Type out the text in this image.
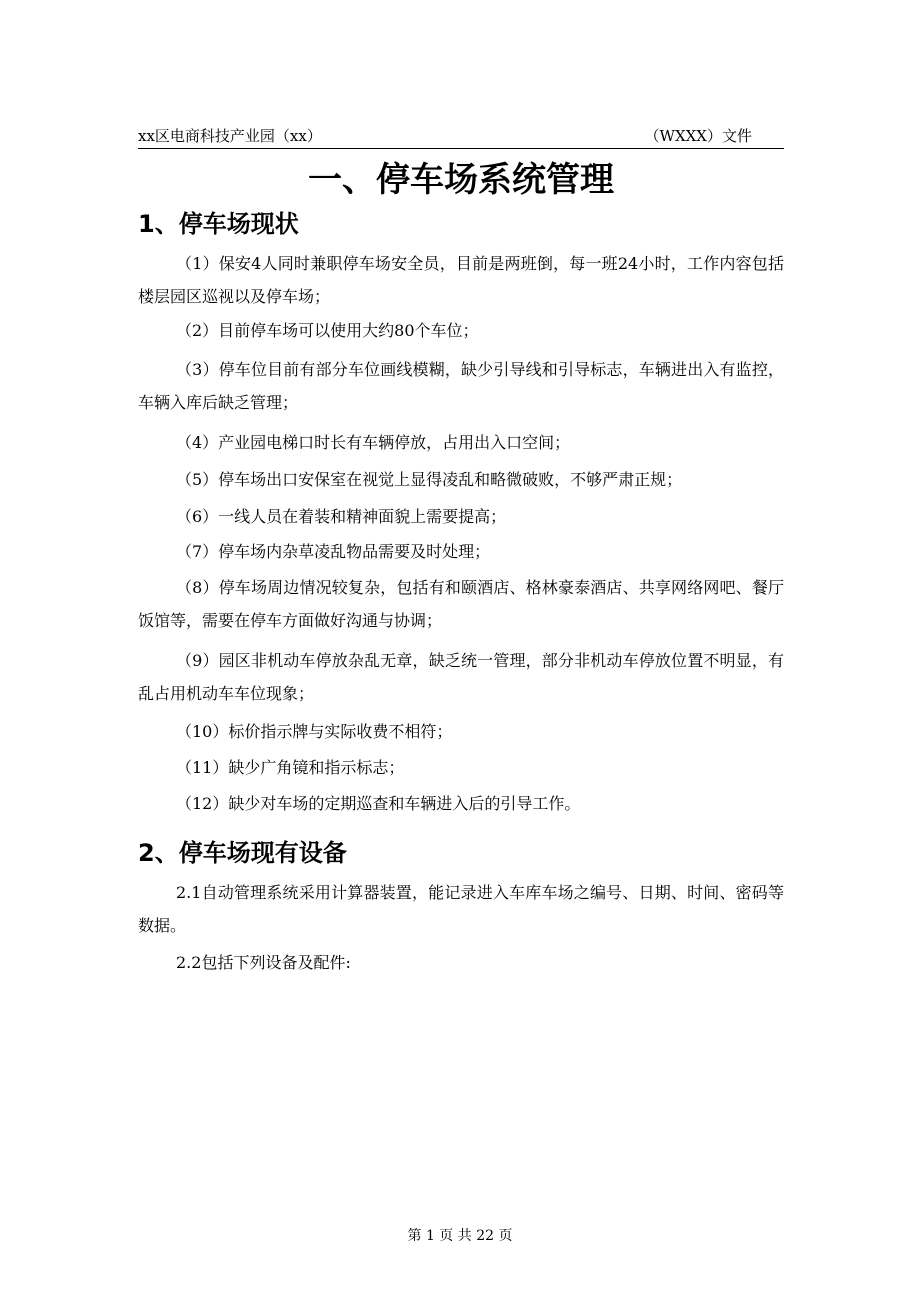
xx区电商科技产业园（xx）	（WXXX）文件
一、停车场系统管理
1、停车场现状
（1）保安4人同时兼职停车场安全员，目前是两班倒，每一班24小时，工作内容包括楼层园区巡视以及停车场；
（2）目前停车场可以使用大约80个车位；
（3）停车位目前有部分车位画线模糊，缺少引导线和引导标志，车辆进出入有监控，车辆入库后缺乏管理；
（4）产业园电梯口时长有车辆停放，占用出入口空间；
（5）停车场出口安保室在视觉上显得凌乱和略微破败，不够严肃正规；
（6）一线人员在着装和精神面貌上需要提高；
（7）停车场内杂草凌乱物品需要及时处理；
（8）停车场周边情况较复杂，包括有和颐酒店、格林豪泰酒店、共享网络网吧、餐厅饭馆等，需要在停车方面做好沟通与协调；
（9）园区非机动车停放杂乱无章，缺乏统一管理，部分非机动车停放位置不明显，有乱占用机动车车位现象；
（10）标价指示牌与实际收费不相符；
（11）缺少广角镜和指示标志；
（12）缺少对车场的定期巡查和车辆进入后的引导工作。
2、停车场现有设备
2.1自动管理系统采用计算器装置，能记录进入车库车场之编号、日期、时间、密码等数据。
2.2包括下列设备及配件:
第 1 页 共 22 页
